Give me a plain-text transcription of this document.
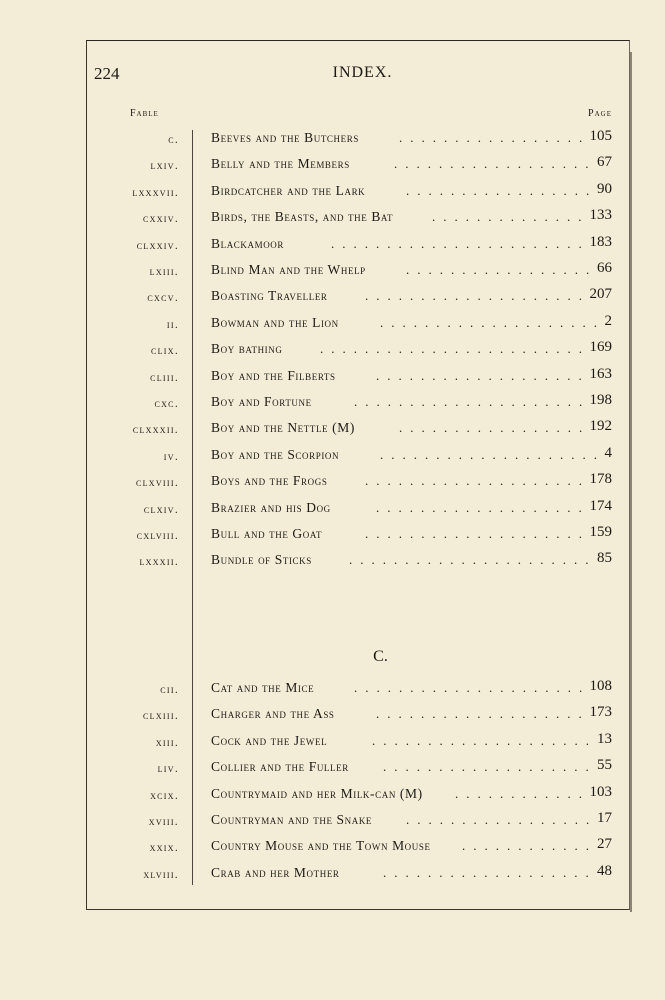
224	INDEX.
Fable	Page
c. Beeves and the Butchers	................. 105
lxiv. Belly and the Members	.................. 67
lxxxvii. Birdcatcher and the Lark	................. 90
cxxiv. Birds, the Beasts, and the Bat	.............. 133
clxxiv. Blackamoor	....................... 183
lxiii. Blind Man and the Whelp	................. 66
cxcv. Boasting Traveller	.................... 207
ii. Bowman and the Lion	.................... 2
clix. Boy bathing	........................ 169
cliii. Boy and the Filberts	................... 163
cxc. Boy and Fortune	..................... 198
clxxxii. Boy and the Nettle (M)	................. 192
iv. Boy and the Scorpion	.................... 4
clxviii. Boys and the Frogs	.................... 178
clxiv. Brazier and his Dog	................... 174
cxlviii. Bull and the Goat	.................... 159
lxxxii. Bundle of Sticks	...................... 85
C.
cii. Cat and the Mice	..................... 108
clxiii. Charger and the Ass	................... 173
xiii. Cock and the Jewel	.................... 13
liv. Collier and the Fuller	................... 55
xcix. Countrymaid and her Milk-can (M) ............ 103
xviii. Countryman and the Snake	................. 17
xxix. Country Mouse and the Town Mouse ............ 27
xlviii. Crab and her Mother	................... 48
